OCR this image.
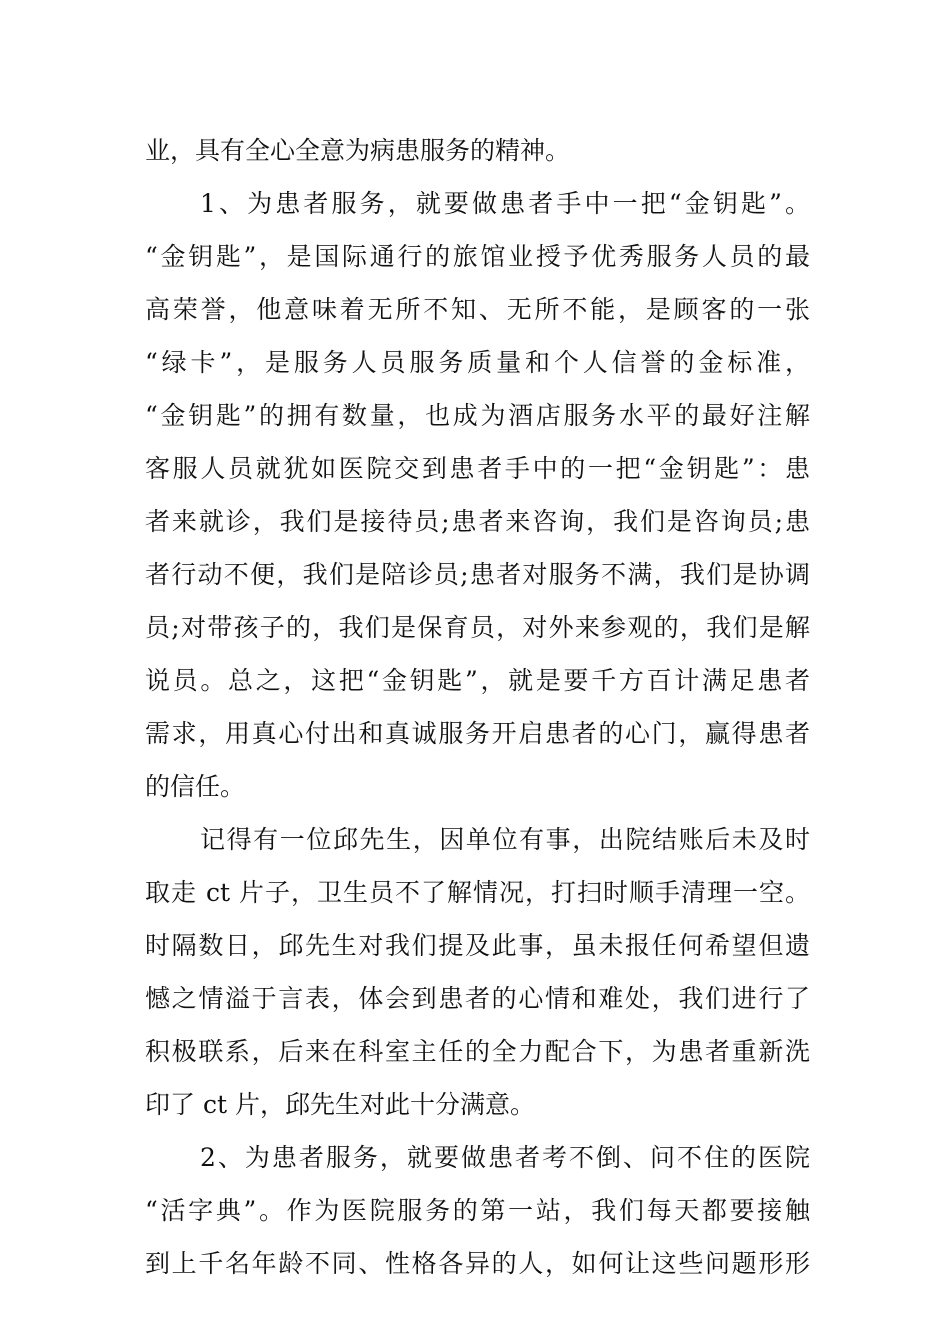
业，具有全心全意为病患服务的精神。
1、为患者服务，就要做患者手中一把“金钥匙”。
“金钥匙”，是国际通行的旅馆业授予优秀服务人员的最
高荣誉，他意味着无所不知、无所不能，是顾客的一张
“绿卡”，是服务人员服务质量和个人信誉的金标准，
“金钥匙”的拥有数量，也成为酒店服务水平的最好注解
客服人员就犹如医院交到患者手中的一把“金钥匙”：患
者来就诊，我们是接待员;患者来咨询，我们是咨询员;患
者行动不便，我们是陪诊员;患者对服务不满，我们是协调
员;对带孩子的，我们是保育员，对外来参观的，我们是解
说员。总之，这把“金钥匙”，就是要千方百计满足患者
需求，用真心付出和真诚服务开启患者的心门，赢得患者
的信任。
记得有一位邱先生，因单位有事，出院结账后未及时
取走 ct 片子，卫生员不了解情况，打扫时顺手清理一空。
时隔数日，邱先生对我们提及此事，虽未报任何希望但遗
憾之情溢于言表，体会到患者的心情和难处，我们进行了
积极联系，后来在科室主任的全力配合下，为患者重新洗
印了 ct 片，邱先生对此十分满意。
2、为患者服务，就要做患者考不倒、问不住的医院
“活字典”。作为医院服务的第一站，我们每天都要接触
到上千名年龄不同、性格各异的人，如何让这些问题形形
